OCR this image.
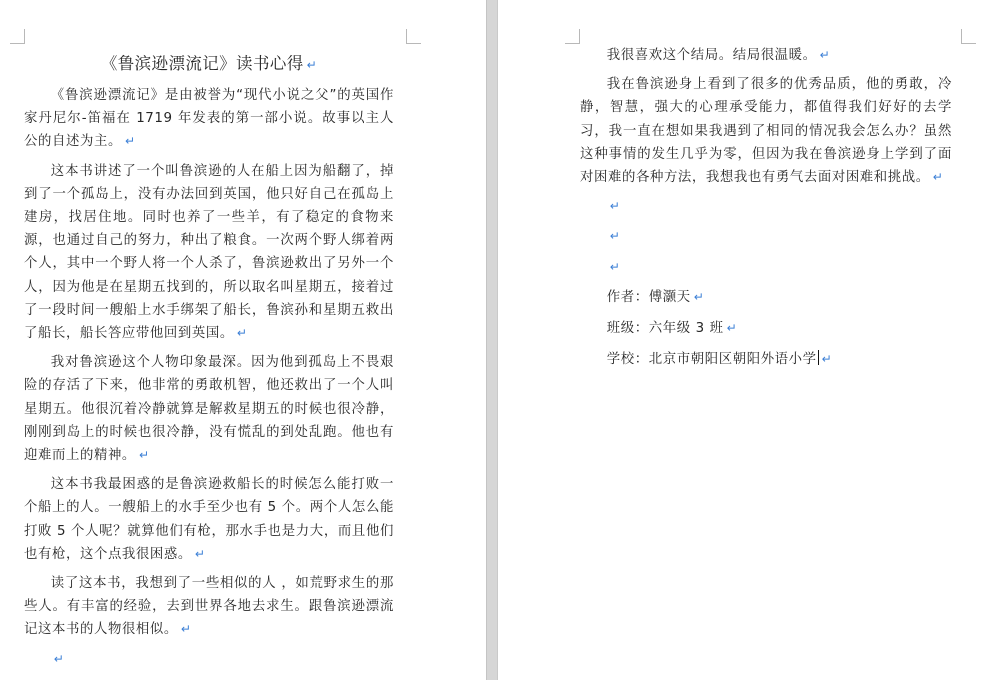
《鲁滨逊漂流记》读书心得 ↵

《鲁滨逊漂流记》是由被誉为“现代小说之父”的英国作家丹尼尔-笛福在 1719 年发表的第一部小说。故事以主人公的自述为主。 ↵

这本书讲述了一个叫鲁滨逊的人在船上因为船翻了，掉到了一个孤岛上，没有办法回到英国，他只好自己在孤岛上建房，找居住地。同时也养了一些羊，有了稳定的食物来源，也通过自己的努力，种出了粮食。一次两个野人绑着两个人，其中一个野人将一个人杀了，鲁滨逊救出了另外一个人，因为他是在星期五找到的，所以取名叫星期五，接着过了一段时间一艘船上水手绑架了船长，鲁滨孙和星期五救出了船长，船长答应带他回到英国。 ↵

我对鲁滨逊这个人物印象最深。因为他到孤岛上不畏艰险的存活了下来，他非常的勇敢机智，他还救出了一个人叫星期五。他很沉着冷静就算是解救星期五的时候也很冷静，刚刚到岛上的时候也很冷静，没有慌乱的到处乱跑。他也有迎难而上的精神。 ↵

这本书我最困惑的是鲁滨逊救船长的时候怎么能打败一个船上的人。一艘船上的水手至少也有 5 个。两个人怎么能打败 5 个人呢？就算他们有枪，那水手也是力大，而且他们也有枪，这个点我很困惑。 ↵

读了这本书，我想到了一些相似的人 ，如荒野求生的那些人。有丰富的经验，去到世界各地去求生。跟鲁滨逊漂流记这本书的人物很相似。 ↵

↵

我很喜欢这个结局。结局很温暖。 ↵

我在鲁滨逊身上看到了很多的优秀品质，他的勇敢，冷静，智慧，强大的心理承受能力，都值得我们好好的去学习，我一直在想如果我遇到了相同的情况我会怎么办？虽然这种事情的发生几乎为零，但因为我在鲁滨逊身上学到了面对困难的各种方法，我想我也有勇气去面对困难和挑战。 ↵

↵

↵

↵

作者：傅灏天 ↵

班级：六年级 3 班 ↵

学校：北京市朝阳区朝阳外语小学 ↵
